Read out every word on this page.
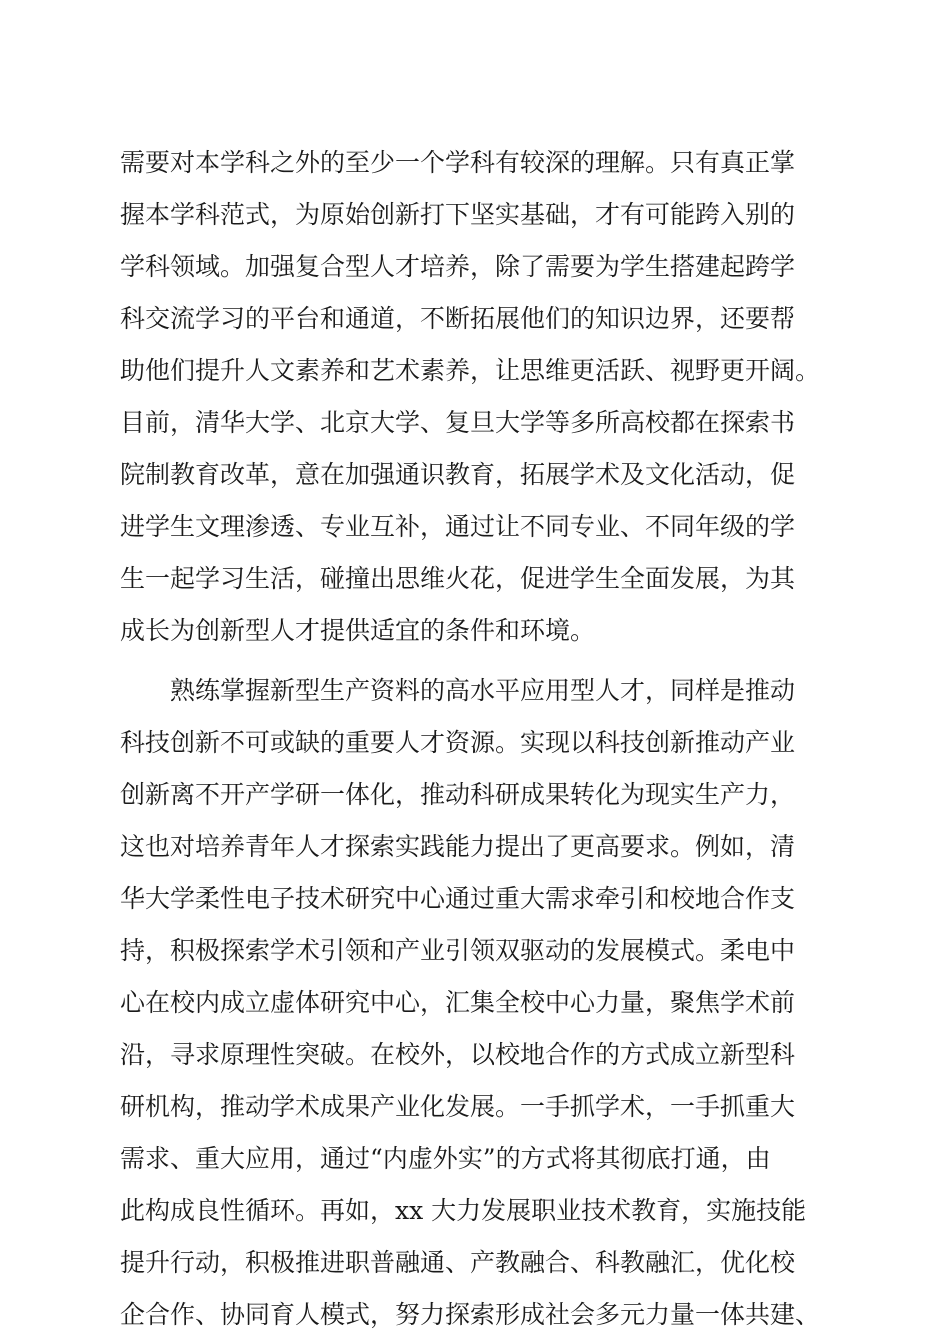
需要对本学科之外的至少一个学科有较深的理解。只有真正掌
握本学科范式，为原始创新打下坚实基础，才有可能跨入别的
学科领域。加强复合型人才培养，除了需要为学生搭建起跨学
科交流学习的平台和通道，不断拓展他们的知识边界，还要帮
助他们提升人文素养和艺术素养，让思维更活跃、视野更开阔。
目前，清华大学、北京大学、复旦大学等多所高校都在探索书
院制教育改革，意在加强通识教育，拓展学术及文化活动，促
进学生文理渗透、专业互补，通过让不同专业、不同年级的学
生一起学习生活，碰撞出思维火花，促进学生全面发展，为其
成长为创新型人才提供适宜的条件和环境。
熟练掌握新型生产资料的高水平应用型人才，同样是推动
科技创新不可或缺的重要人才资源。实现以科技创新推动产业
创新离不开产学研一体化，推动科研成果转化为现实生产力，
这也对培养青年人才探索实践能力提出了更高要求。例如，清
华大学柔性电子技术研究中心通过重大需求牵引和校地合作支
持，积极探索学术引领和产业引领双驱动的发展模式。柔电中
心在校内成立虚体研究中心，汇集全校中心力量，聚焦学术前
沿，寻求原理性突破。在校外，以校地合作的方式成立新型科
研机构，推动学术成果产业化发展。一手抓学术，一手抓重大
需求、重大应用，通过“内虚外实”的方式将其彻底打通，由
此构成良性循环。再如，xx 大力发展职业技术教育，实施技能
提升行动，积极推进职普融通、产教融合、科教融汇，优化校
企合作、协同育人模式，努力探索形成社会多元力量一体共建、
